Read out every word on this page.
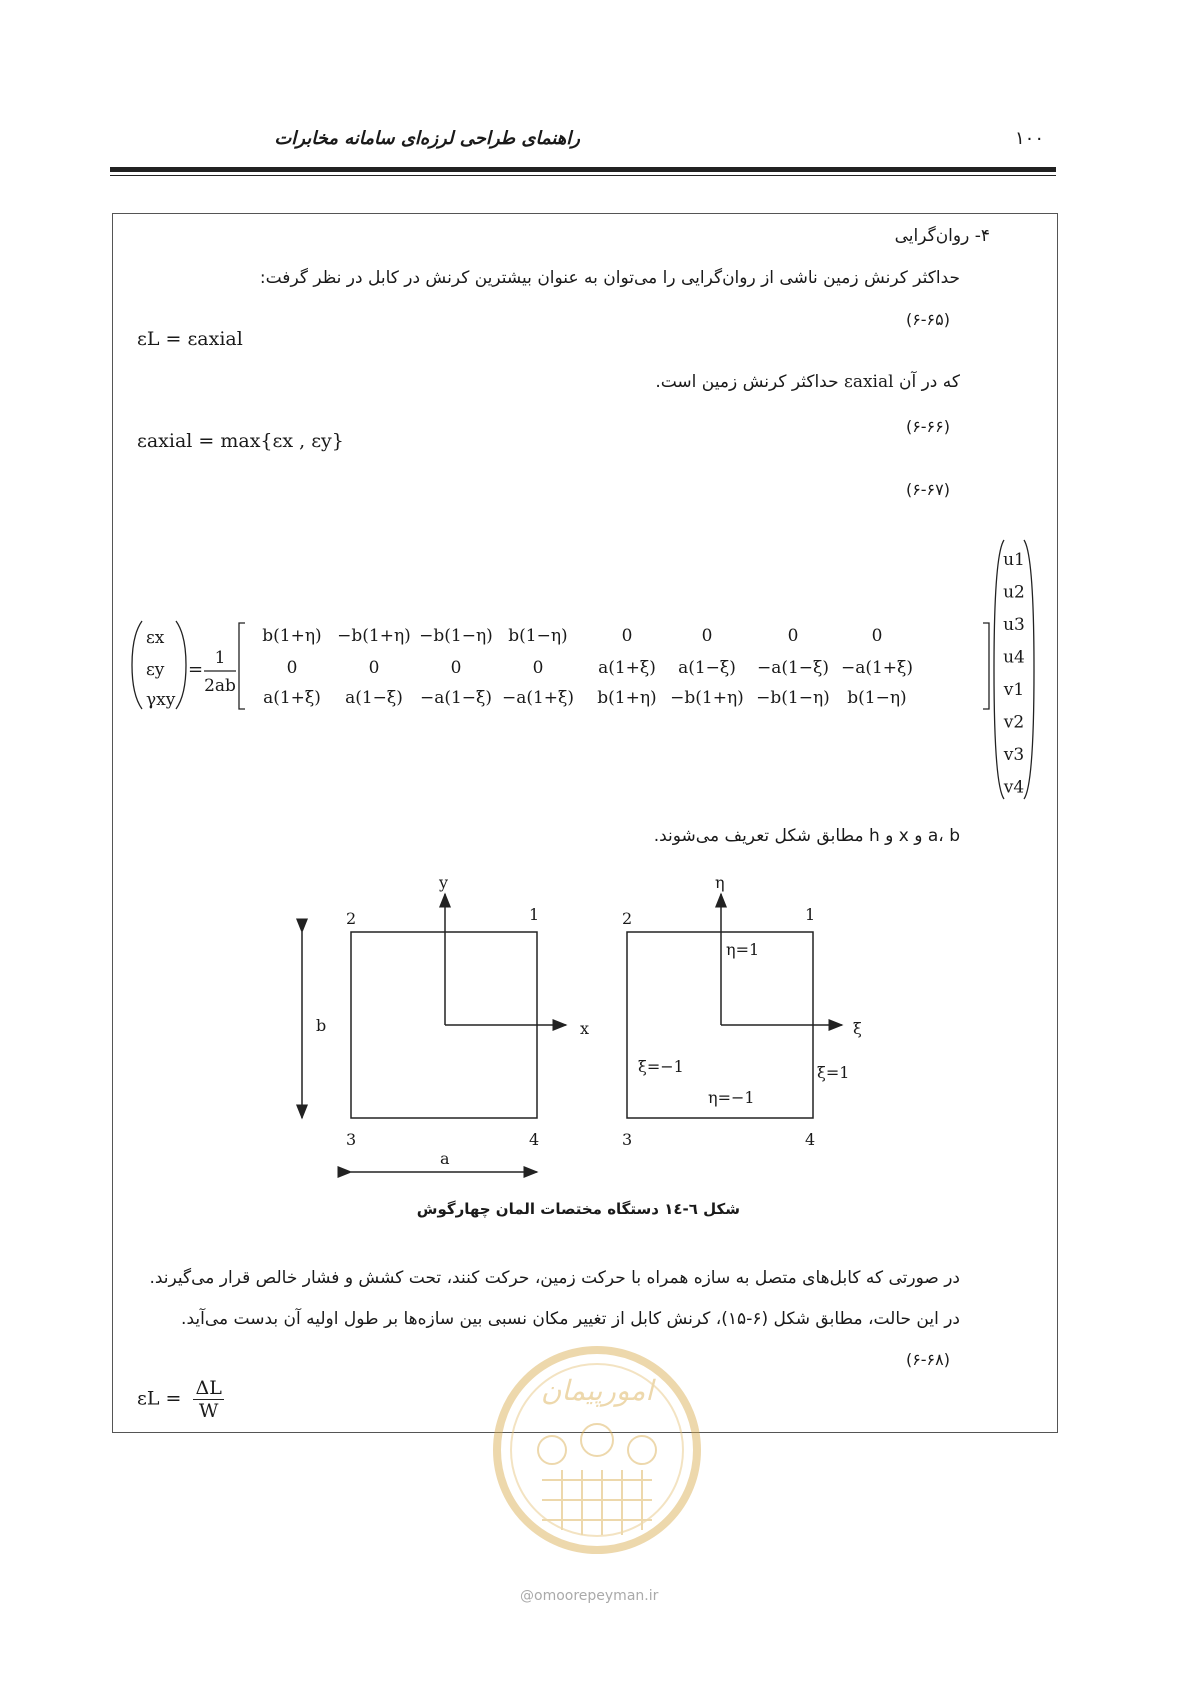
راهنمای طراحی لرزه‌ای سامانه مخابرات	۱۰۰
۴- روان‌گرایی
حداکثر کرنش زمین ناشی از روان‌گرایی را می‌توان به عنوان بیشترین کرنش در کابل در نظر گرفت:
(۶-۶۵)
εL = εaxial
که در آن εaxial حداکثر کرنش زمین است.
(۶-۶۶)
εaxial = max{εx , εy}
(۶-۶۷)
εx
εy
γxy
=
1
2ab
b(1+η) −b(1+η) −b(1−η) b(1−η)	0	0	0	0
0	0	0	0	a(1+ξ) a(1−ξ) −a(1−ξ) −a(1+ξ)
a(1+ξ) a(1−ξ) −a(1−ξ) −a(1+ξ) b(1+η) −b(1+η) −b(1−η) b(1−η)
u1
u2
u3
u4
v1
v2
v3
v4
a، b و x و h مطابق شکل تعریف می‌شوند.
y
x
2	1
3	4
b
a
η
ξ
2	1
3	4
η=1
η=−1
ξ=−1	ξ=1
شکل ٦-١٤ دستگاه مختصات المان چهارگوش
در صورتی که کابل‌های متصل به سازه همراه با حرکت زمین، حرکت کنند، تحت کشش و فشار خالص قرار می‌گیرند.
در این حالت، مطابق شکل (۶-۱۵)، کرنش کابل از تغییر مکان نسبی بین سازه‌ها بر طول اولیه آن بدست می‌آید.
(۶-۶۸)
$\varepsilon L = \frac{\Delta L}{W}$	امورپیمان
@omoorepeyman.ir
